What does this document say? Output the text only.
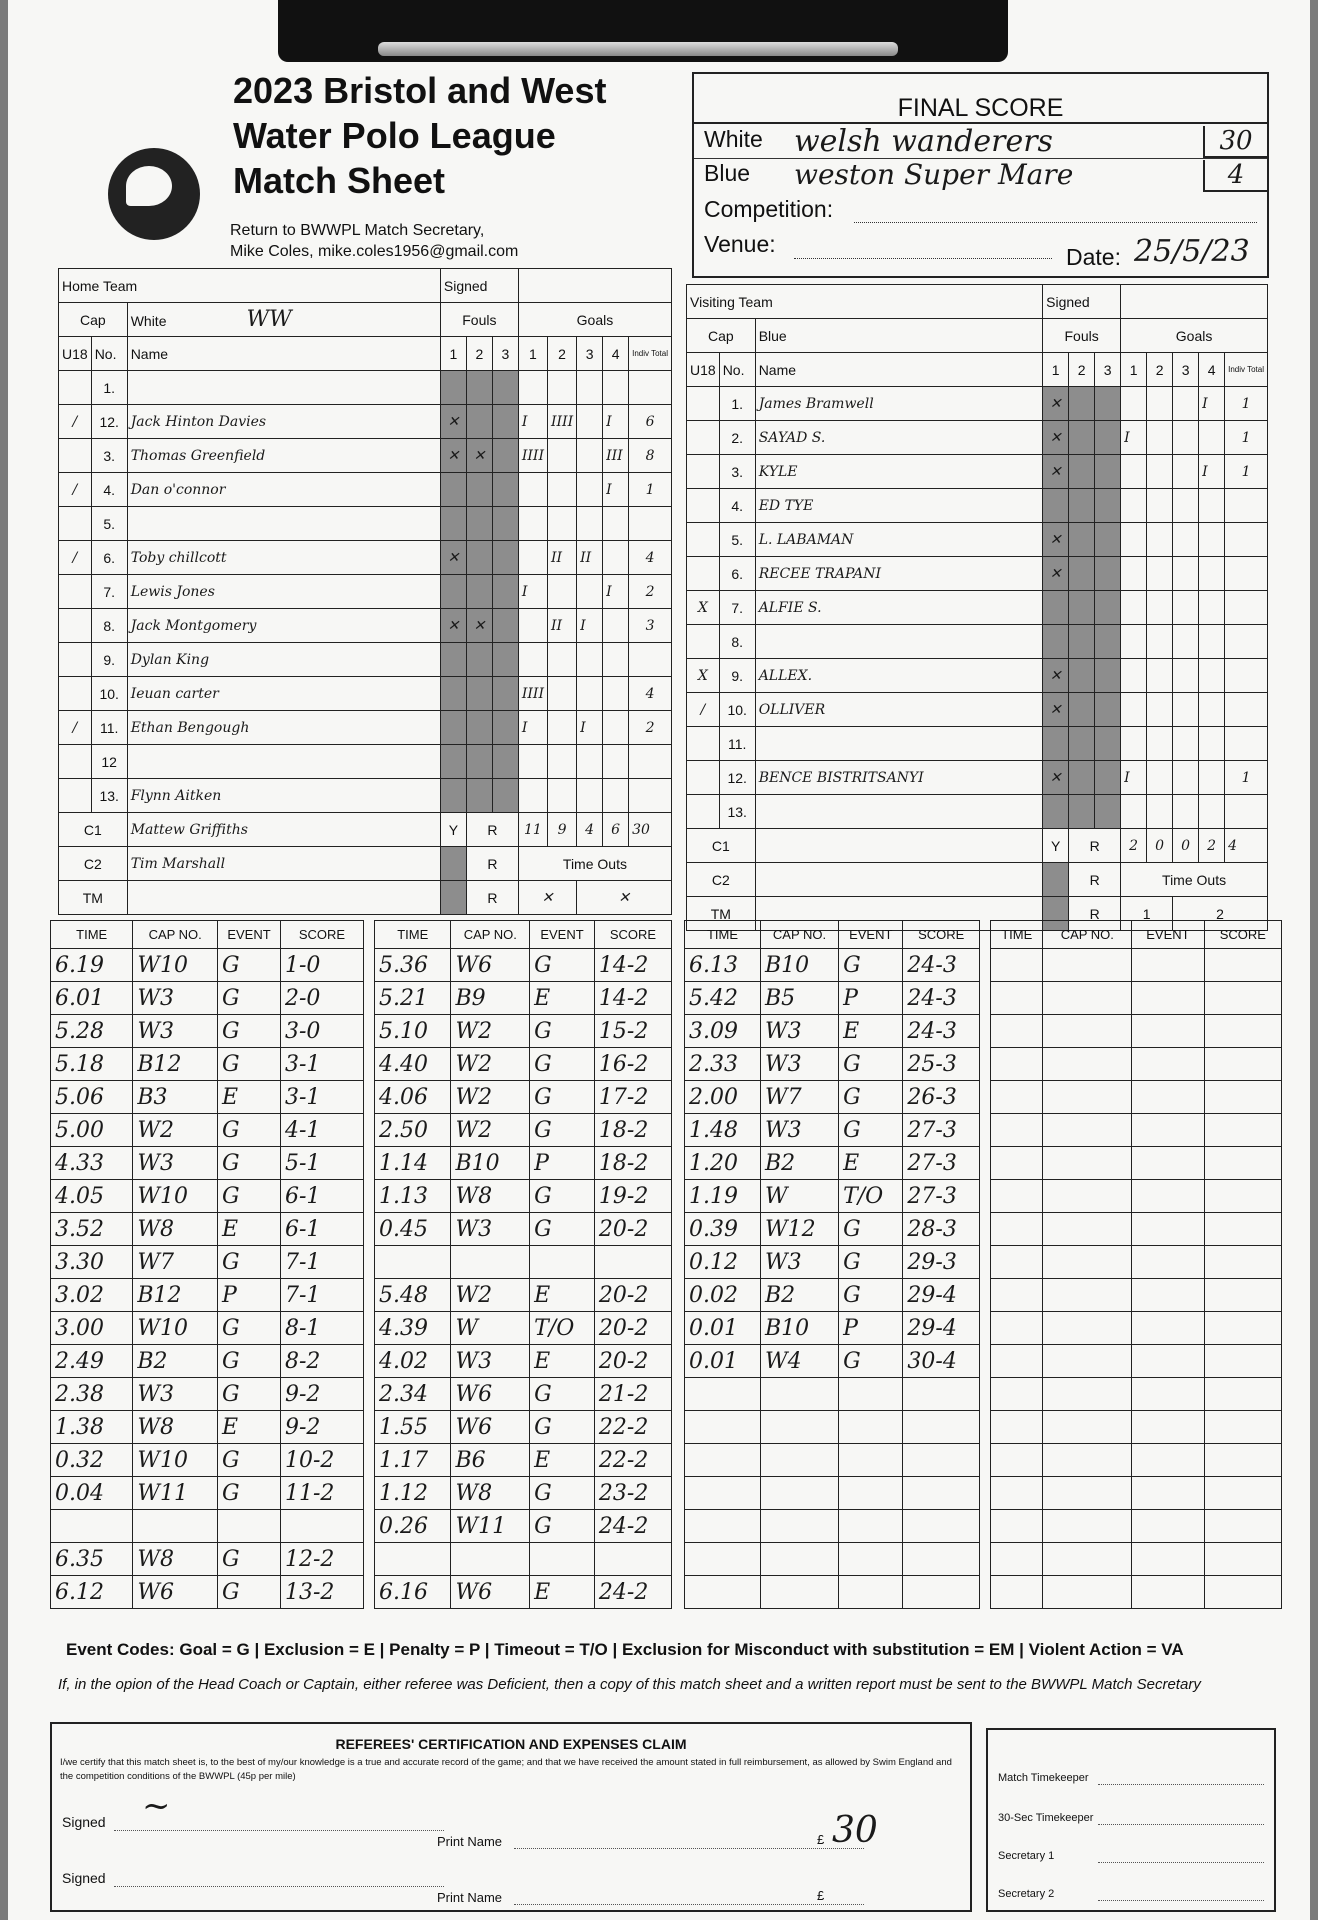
2023 Bristol and West
Water Polo League
Match Sheet
Return to BWWPL Match Secretary,
Mike Coles, mike.coles1956@gmail.com
FINAL SCORE
White welsh wanderers	30
Blue weston Super Mare	4
Competition:
Venue:	Date: 25/5/23
Home Team			Signed							
Cap		White WW	Fouls			Goals				
U18	No.	Name	1	2	3	1	2	3	4	Indiv Total
	1.									
/	12.	Jack Hinton Davies	✕			I	IIII		I	6
	3.	Thomas Greenfield	✕	✕		IIII			III	8
/	4.	Dan o'connor							I	1
	5.									
/	6.	Toby chillcott	✕				II	II		4
	7.	Lewis Jones				I			I	2
	8.	Jack Montgomery	✕	✕			II	I		3
	9.	Dylan King								
	10.	Ieuan carter				IIII				4
/	11.	Ethan Bengough				I		I		2
	12									
	13.	Flynn Aitken								
C1		Mattew Griffiths	Y	R		11	9	4	6	30
C2		Tim Marshall		R		Time Outs				
TM				R		✕		✕		
Visiting Team			Signed							
Cap		Blue	Fouls			Goals				
U18	No.	Name	1	2	3	1	2	3	4	Indiv Total
	1.	James Bramwell	✕						I	1
	2.	SAYAD S.	✕			I				1
	3.	KYLE	✕						I	1
	4.	ED TYE								
	5.	L. LABAMAN	✕							
	6.	RECEE TRAPANI	✕							
X	7.	ALFIE S.								
	8.									
X	9.	ALLEX.	✕							
/	10.	OLLIVER	✕							
	11.									
	12.	BENCE BISTRITSANYI	✕			I				1
	13.									
C1			Y	R		2	0	0	2	4
C2				R		Time Outs				
TM				R		1		2		
TIME	CAP NO.	EVENT	SCORE
6.19	W10	G	1-0
6.01	W3	G	2-0
5.28	W3	G	3-0
5.18	B12	G	3-1
5.06	B3	E	3-1
5.00	W2	G	4-1
4.33	W3	G	5-1
4.05	W10	G	6-1
3.52	W8	E	6-1
3.30	W7	G	7-1
3.02	B12	P	7-1
3.00	W10	G	8-1
2.49	B2	G	8-2
2.38	W3	G	9-2
1.38	W8	E	9-2
0.32	W10	G	10-2
0.04	W11	G	11-2

6.35	W8	G	12-2
6.12	W6	G	13-2
TIME	CAP NO.	EVENT	SCORE
5.36	W6	G	14-2
5.21	B9	E	14-2
5.10	W2	G	15-2
4.40	W2	G	16-2
4.06	W2	G	17-2
2.50	W2	G	18-2
1.14	B10	P	18-2
1.13	W8	G	19-2
0.45	W3	G	20-2

5.48	W2	E	20-2
4.39	W	T/O	20-2
4.02	W3	E	20-2
2.34	W6	G	21-2
1.55	W6	G	22-2
1.17	B6	E	22-2
1.12	W8	G	23-2
0.26	W11	G	24-2

6.16	W6	E	24-2
TIME	CAP NO.	EVENT	SCORE
6.13	B10	G	24-3
5.42	B5	P	24-3
3.09	W3	E	24-3
2.33	W3	G	25-3
2.00	W7	G	26-3
1.48	W3	G	27-3
1.20	B2	E	27-3
1.19	W	T/O	27-3
0.39	W12	G	28-3
0.12	W3	G	29-3
0.02	B2	G	29-4
0.01	B10	P	29-4
0.01	W4	G	30-4

TIME	CAP NO.	EVENT	SCORE

Event Codes: Goal = G | Exclusion = E | Penalty = P | Timeout = T/O | Exclusion for Misconduct with substitution = EM | Violent Action = VA
If, in the opion of the Head Coach or Captain, either referee was Deficient, then a copy of this match sheet and a written report must be sent to the BWWPL Match Secretary
REFEREES' CERTIFICATION AND EXPENSES CLAIM
I/we certify that this match sheet is, to the best of my/our knowledge is a true and accurate record of the game; and that we have received the amount stated in full reimbursement, as allowed by Swim England and the competition conditions of the BWWPL (45p per mile)
Signed ~
Print Name	£ 30
Signed
Print Name	£
Match Timekeeper
30-Sec Timekeeper
Secretary 1
Secretary 2
